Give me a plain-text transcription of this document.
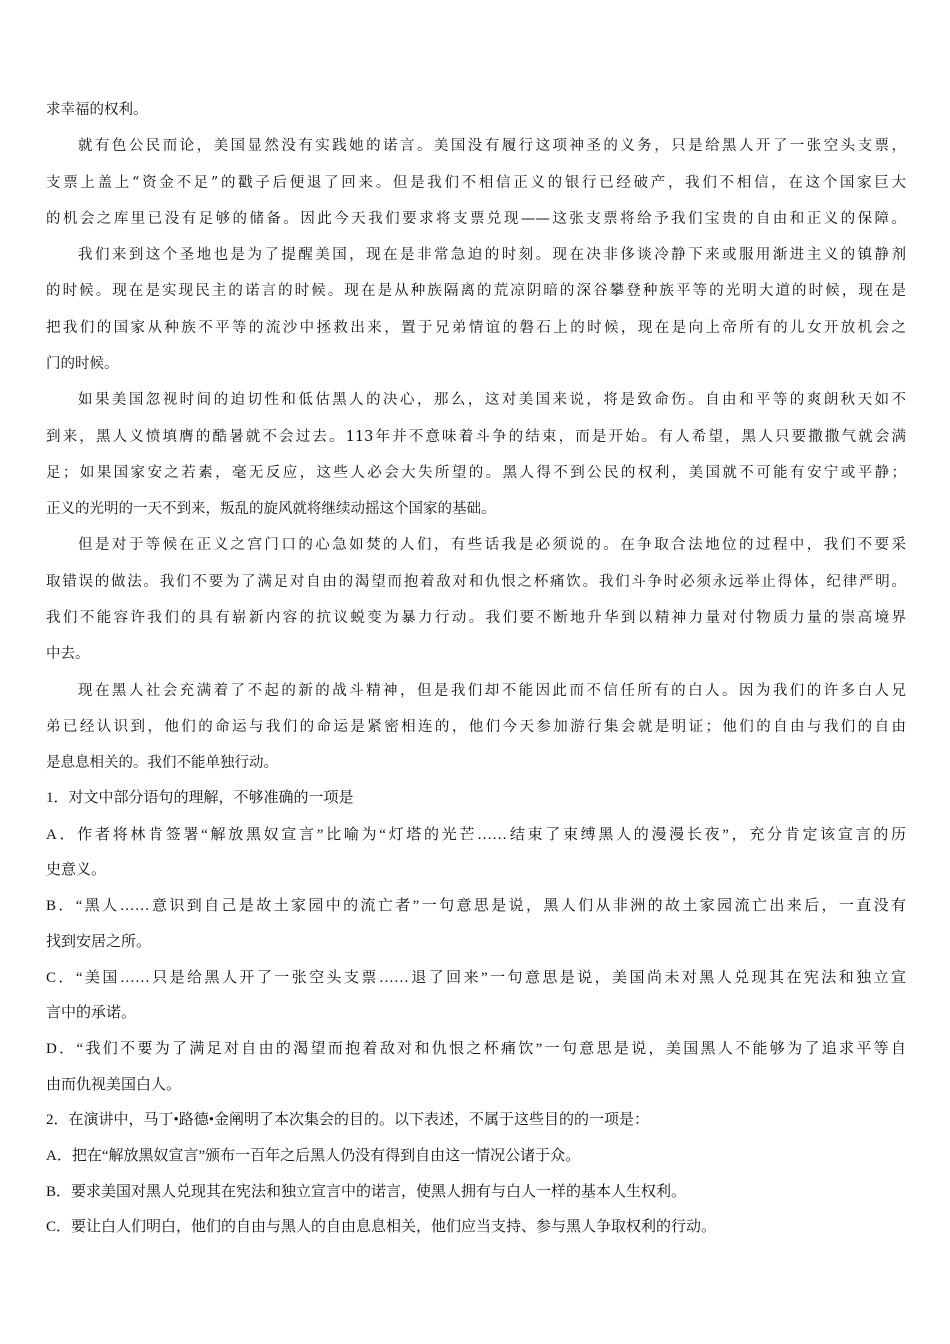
求幸福的权利。
就有色公民而论，美国显然没有实践她的诺言。美国没有履行这项神圣的义务，只是给黑人开了一张空头支票，
支票上盖上“资金不足”的戳子后便退了回来。但是我们不相信正义的银行已经破产，我们不相信，在这个国家巨大
的机会之库里已没有足够的储备。因此今天我们要求将支票兑现——这张支票将给予我们宝贵的自由和正义的保障。
我们来到这个圣地也是为了提醒美国，现在是非常急迫的时刻。现在决非侈谈冷静下来或服用渐进主义的镇静剂
的时候。现在是实现民主的诺言的时候。现在是从种族隔离的荒凉阴暗的深谷攀登种族平等的光明大道的时候，现在是
把我们的国家从种族不平等的流沙中拯救出来，置于兄弟情谊的磐石上的时候，现在是向上帝所有的儿女开放机会之
门的时候。
如果美国忽视时间的迫切性和低估黑人的决心，那么，这对美国来说，将是致命伤。自由和平等的爽朗秋天如不
到来，黑人义愤填膺的酷暑就不会过去。113年并不意味着斗争的结束，而是开始。有人希望，黑人只要撒撒气就会满
足；如果国家安之若素，毫无反应，这些人必会大失所望的。黑人得不到公民的权利，美国就不可能有安宁或平静；
正义的光明的一天不到来，叛乱的旋风就将继续动摇这个国家的基础。
但是对于等候在正义之宫门口的心急如焚的人们，有些话我是必须说的。在争取合法地位的过程中，我们不要采
取错误的做法。我们不要为了满足对自由的渴望而抱着敌对和仇恨之杯痛饮。我们斗争时必须永远举止得体，纪律严明。
我们不能容许我们的具有崭新内容的抗议蜕变为暴力行动。我们要不断地升华到以精神力量对付物质力量的崇高境界
中去。
现在黑人社会充满着了不起的新的战斗精神，但是我们却不能因此而不信任所有的白人。因为我们的许多白人兄
弟已经认识到，他们的命运与我们的命运是紧密相连的，他们今天参加游行集会就是明证；他们的自由与我们的自由
是息息相关的。我们不能单独行动。
1．对文中部分语句的理解，不够准确的一项是
A．作者将林肯签署“解放黑奴宣言”比喻为“灯塔的光芒……结束了束缚黑人的漫漫长夜”，充分肯定该宣言的历
史意义。
B．“黑人……意识到自己是故土家园中的流亡者”一句意思是说，黑人们从非洲的故土家园流亡出来后，一直没有
找到安居之所。
C．“美国……只是给黑人开了一张空头支票……退了回来”一句意思是说，美国尚未对黑人兑现其在宪法和独立宣
言中的承诺。
D．“我们不要为了满足对自由的渴望而抱着敌对和仇恨之杯痛饮”一句意思是说，美国黑人不能够为了追求平等自
由而仇视美国白人。
2．在演讲中，马丁•路德•金阐明了本次集会的目的。以下表述，不属于这些目的的一项是：
A．把在“解放黑奴宣言”颁布一百年之后黑人仍没有得到自由这一情况公诸于众。
B．要求美国对黑人兑现其在宪法和独立宣言中的诺言，使黑人拥有与白人一样的基本人生权利。
C．要让白人们明白，他们的自由与黑人的自由息息相关，他们应当支持、参与黑人争取权利的行动。
